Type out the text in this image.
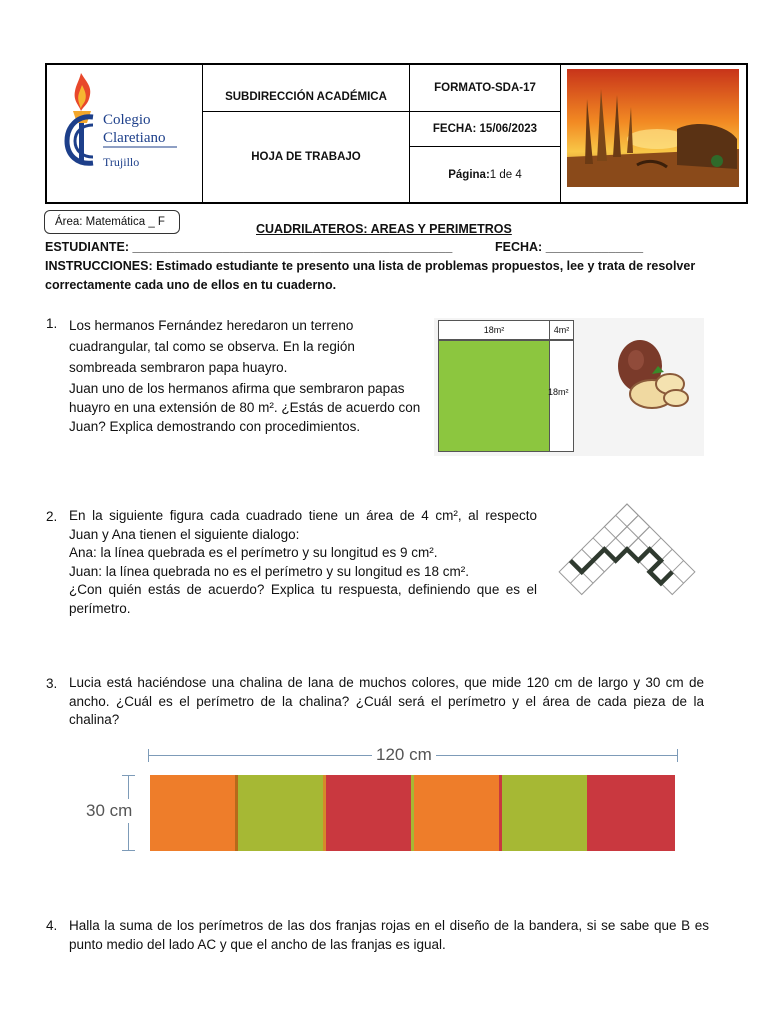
Colegio
Claretiano
Trujillo
SUBDIRECCIÓN ACADÉMICA
HOJA DE TRABAJO
FORMATO-SDA-17
FECHA: 15/06/2023
Página: 1 de 4
Área: Matemática _ F	CUADRILATEROS: AREAS Y PERIMETROS
ESTUDIANTE: ______________________________________________	FECHA: ______________
INSTRUCCIONES: Estimado estudiante te presento una lista de problemas propuestos, lee y trata de resolver
correctamente cada uno de ellos en tu cuaderno.
1. Los hermanos Fernández heredaron un terreno
cuadrangular, tal como se observa. En la región
sombreada sembraron papa huayro.
Juan uno de los hermanos afirma que sembraron papas
huayro en una extensión de 80 m². ¿Estás de acuerdo con
Juan? Explica demostrando con procedimientos.
18m²	4m²
18m²
2. En la siguiente figura cada cuadrado tiene un área de 4 cm², al respecto
Juan y Ana tienen el siguiente dialogo:
Ana: la línea quebrada es el perímetro y su longitud es 9 cm².
Juan: la línea quebrada no es el perímetro y su longitud es 18 cm².
¿Con quién estás de acuerdo? Explica tu respuesta, definiendo que es el
perímetro.
3. Lucia está haciéndose una chalina de lana de muchos colores, que mide 120 cm de largo y 30 cm de
ancho. ¿Cuál es el perímetro de la chalina? ¿Cuál será el perímetro y el área de cada pieza de la
chalina?
120 cm
30 cm
4. Halla la suma de los perímetros de las dos franjas rojas en el diseño de la bandera, si se sabe que B es
punto medio del lado AC y que el ancho de las franjas es igual.
